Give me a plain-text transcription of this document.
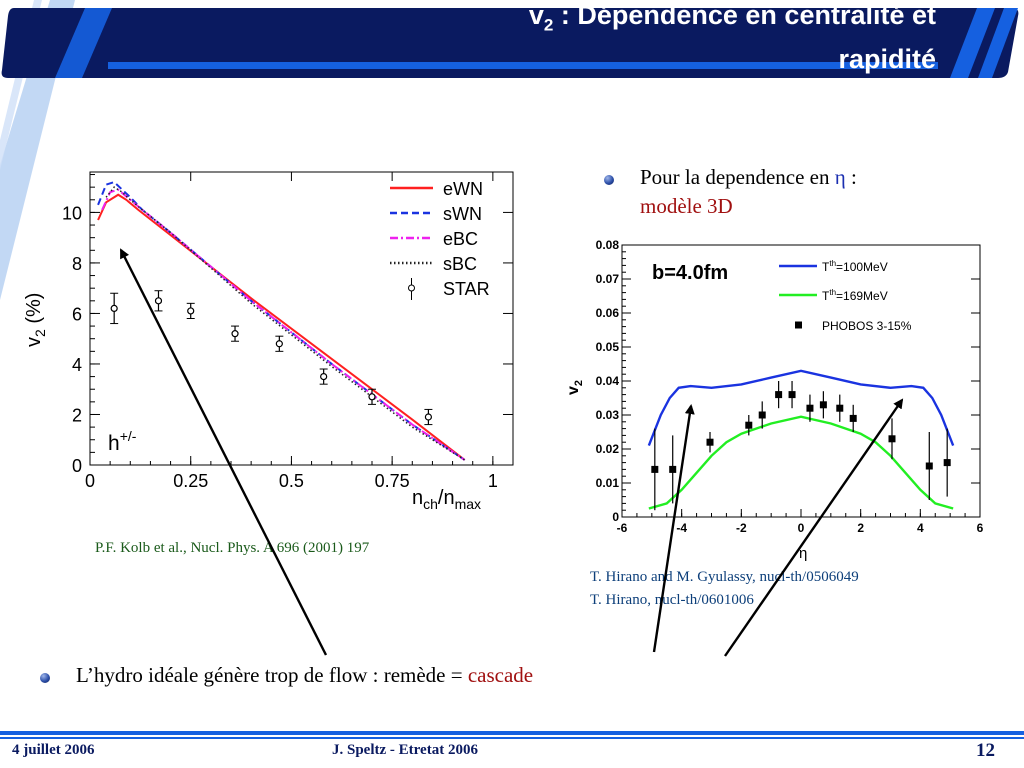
$v_2$ : Dépendence en centralité et
rapidité
0	0.25	0.5	0.75	1
0
2
4
6
8
10
$v_2$ (%)
$n_{ch}/n_{max}$
h+/-
eWN
sWN
eBC
sBC
STAR
-6	-4	-2	0	2	4	6
0
0.01
0.02
0.03
0.04
0.05
0.06
0.07
0.08
$v_2$
η
b=4.0fm	$T^{th}=100MeV$
$T^{th}=169MeV$
PHOBOS 3-15%
Pour la dependence en η :
modèle 3D
P.F. Kolb et al., Nucl. Phys. A 696 (2001) 197
T. Hirano and M. Gyulassy, nucl-th/0506049
T. Hirano, nucl-th/0601006
L’hydro idéale génère trop de flow : remède = cascade
4 juillet 2006	J. Speltz - Etretat 2006	12
